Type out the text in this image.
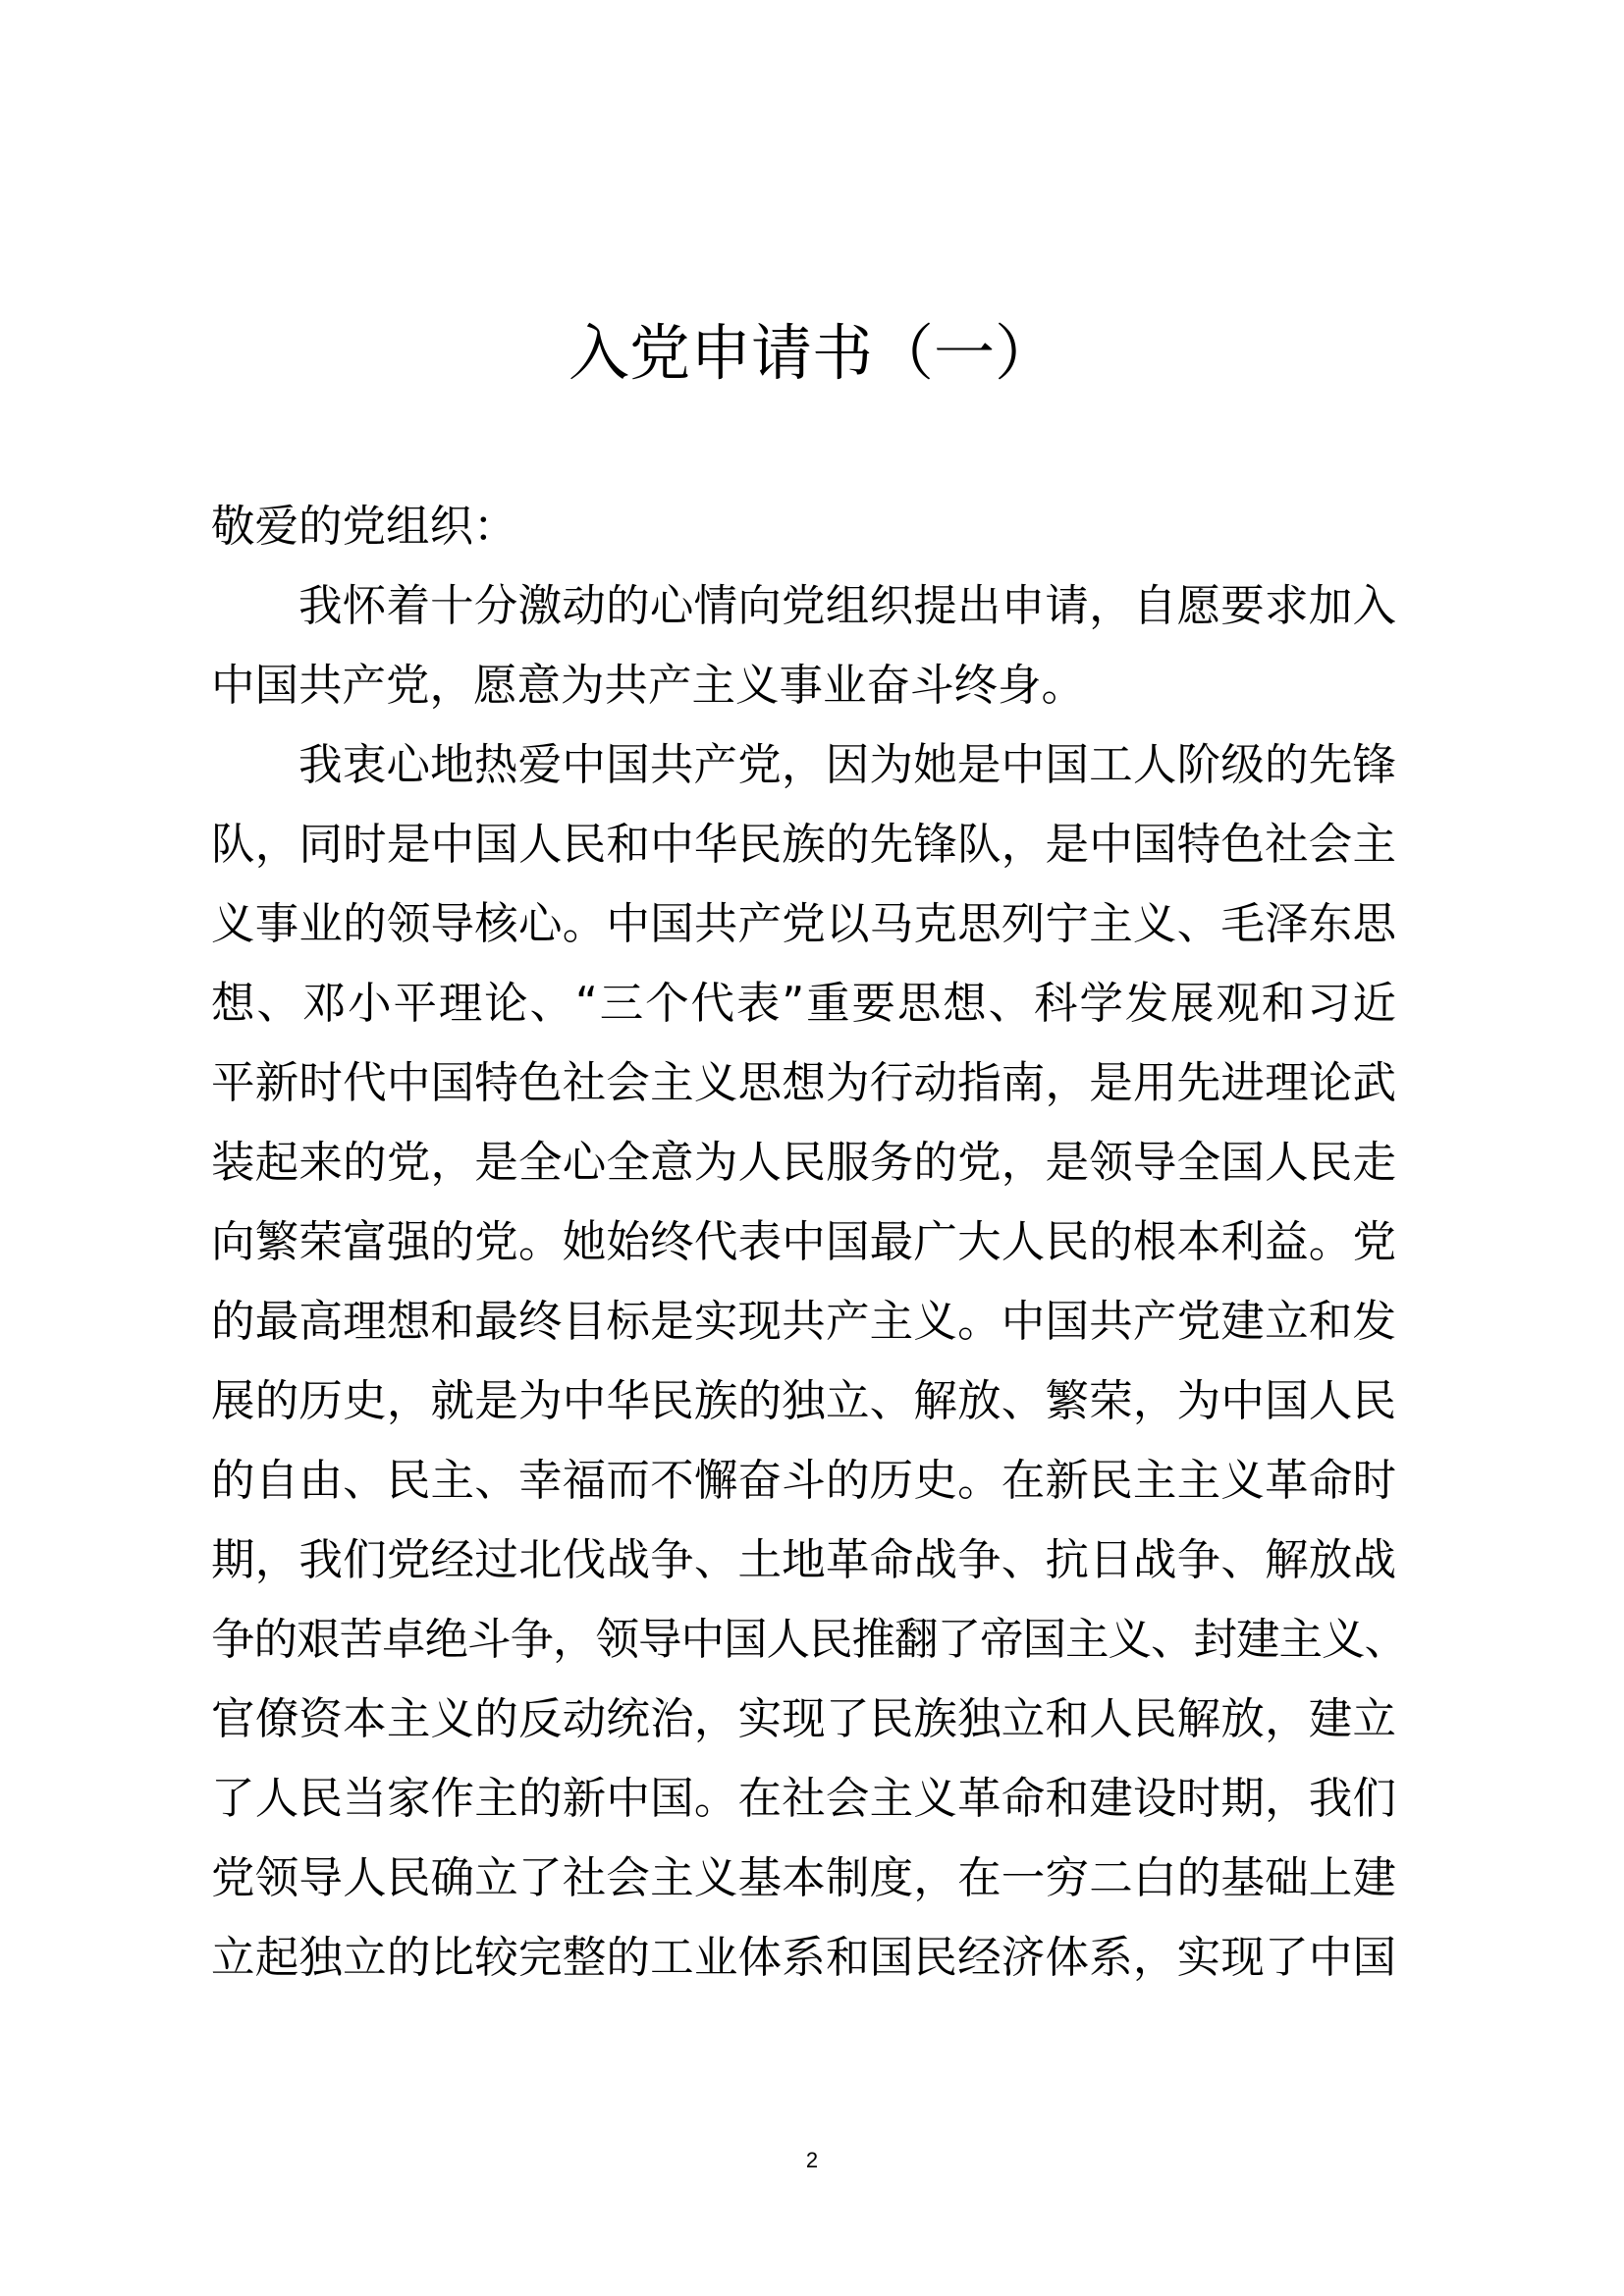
入党申请书（一）
敬爱的党组织：
我怀着十分激动的心情向党组织提出申请，自愿要求加入
中国共产党，愿意为共产主义事业奋斗终身。
我衷心地热爱中国共产党，因为她是中国工人阶级的先锋
队，同时是中国人民和中华民族的先锋队，是中国特色社会主
义事业的领导核心。中国共产党以马克思列宁主义、毛泽东思
想、邓小平理论、“三个代表”重要思想、科学发展观和习近
平新时代中国特色社会主义思想为行动指南，是用先进理论武
装起来的党，是全心全意为人民服务的党，是领导全国人民走
向繁荣富强的党。她始终代表中国最广大人民的根本利益。党
的最高理想和最终目标是实现共产主义。中国共产党建立和发
展的历史，就是为中华民族的独立、解放、繁荣，为中国人民
的自由、民主、幸福而不懈奋斗的历史。在新民主主义革命时
期，我们党经过北伐战争、土地革命战争、抗日战争、解放战
争的艰苦卓绝斗争，领导中国人民推翻了帝国主义、封建主义、
官僚资本主义的反动统治，实现了民族独立和人民解放，建立
了人民当家作主的新中国。在社会主义革命和建设时期，我们
党领导人民确立了社会主义基本制度，在一穷二白的基础上建
立起独立的比较完整的工业体系和国民经济体系，实现了中国
2
